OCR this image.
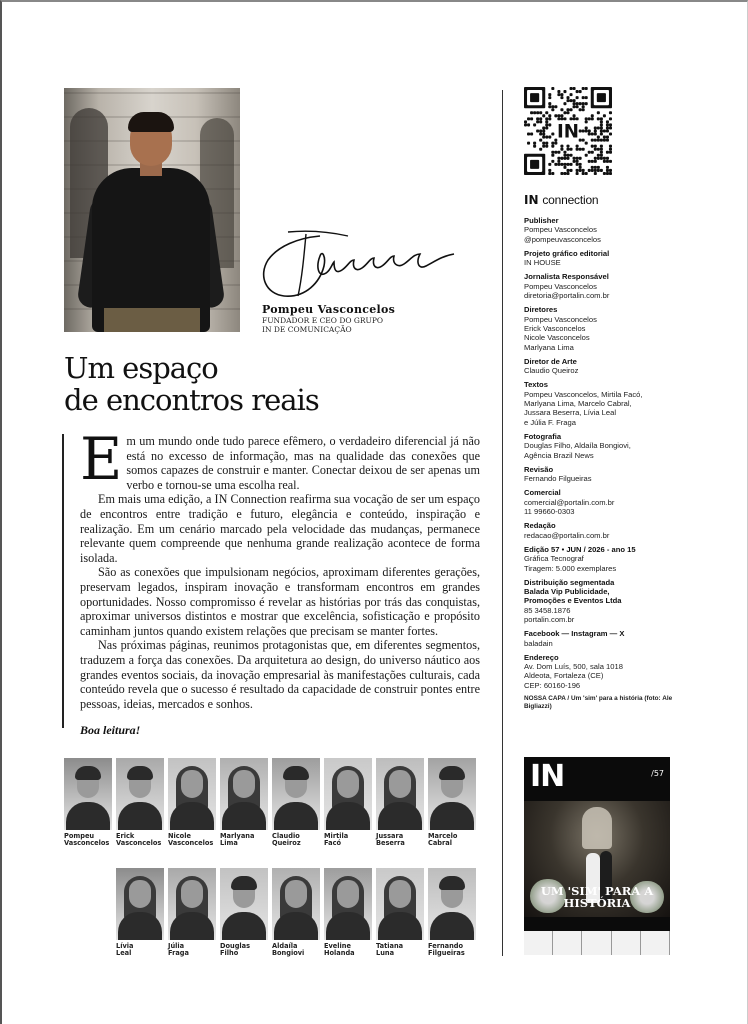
Pompeu Vasconcelos
FUNDADOR E CEO DO GRUPO IN DE COMUNICAÇÃO
Um espaço
de encontros reais

Em um mundo onde tudo parece efêmero, o verdadeiro diferencial já não está no excesso de informação, mas na qualidade das conexões que somos capazes de construir e manter. Conectar deixou de ser apenas um verbo e tornou-se uma escolha real.

Em mais uma edição, a IN Connection reafirma sua vocação de ser um espaço de encontros entre tradição e futuro, elegância e conteúdo, inspiração e realização. Em um cenário marcado pela velocidade das mudanças, permanece relevante quem compreende que nenhuma grande realização acontece de forma isolada.

São as conexões que impulsionam negócios, aproximam diferentes gerações, preservam legados, inspiram inovação e transformam encontros em grandes oportunidades. Nosso compromisso é revelar as histórias por trás das conquistas, aproximar universos distintos e mostrar que excelência, sofisticação e propósito caminham juntos quando existem relações que precisam se manter fortes.

Nas próximas páginas, reunimos protagonistas que, em diferentes segmentos, traduzem a força das conexões. Da arquitetura ao design, do universo náutico aos grandes eventos sociais, da inovação empresarial às manifestações culturais, cada conteúdo revela que o sucesso é resultado da capacidade de construir pontes entre pessoas, ideias, mercados e sonhos.

Boa leitura!
Pompeu
Vasconcelos
Erick
Vasconcelos
Nicole
Vasconcelos
Marlyana
Lima
Claudio
Queiroz
Mirtila
Facó
Jussara
Beserra
Marcelo
Cabral
Lívia
Leal
Júlia
Fraga
Douglas
Filho
Aldaíla
Bongiovi
Eveline
Holanda
Tatiana
Luna
Fernando
Filgueiras
IN
IN connection
Publisher
Pompeu Vasconcelos
@pompeuvasconcelos
Projeto gráfico editorial
IN HOUSE
Jornalista Responsável
Pompeu Vasconcelos
diretoria@portalin.com.br
Diretores
Pompeu Vasconcelos
Erick Vasconcelos
Nicole Vasconcelos
Marlyana Lima
Diretor de Arte
Claudio Queiroz
Textos
Pompeu Vasconcelos, Mirtila Facó,
Marlyana Lima, Marcelo Cabral,
Jussara Beserra, Lívia Leal
e Júlia F. Fraga
Fotografia
Douglas Filho, Aldaíla Bongiovi,
Agência Brazil News
Revisão
Fernando Filgueiras
Comercial
comercial@portalin.com.br
11 99660-0303
Redação
redacao@portalin.com.br
Edição 57 • JUN / 2026 - ano 15
Gráfica Tecnograf
Tiragem: 5.000 exemplares
Distribuição segmentada
Balada Vip Publicidade,
Promoções e Eventos Ltda
85 3458.1876
portalin.com.br
Facebook — Instagram — X
baladain
Endereço
Av. Dom Luís, 500, sala 1018
Aldeota, Fortaleza (CE)
CEP: 60160-196
NOSSA CAPA / Um 'sim' para a história (foto: Ale Bigliazzi)
IN	/57
UM 'SIM' PARA A HISTÓRIA
